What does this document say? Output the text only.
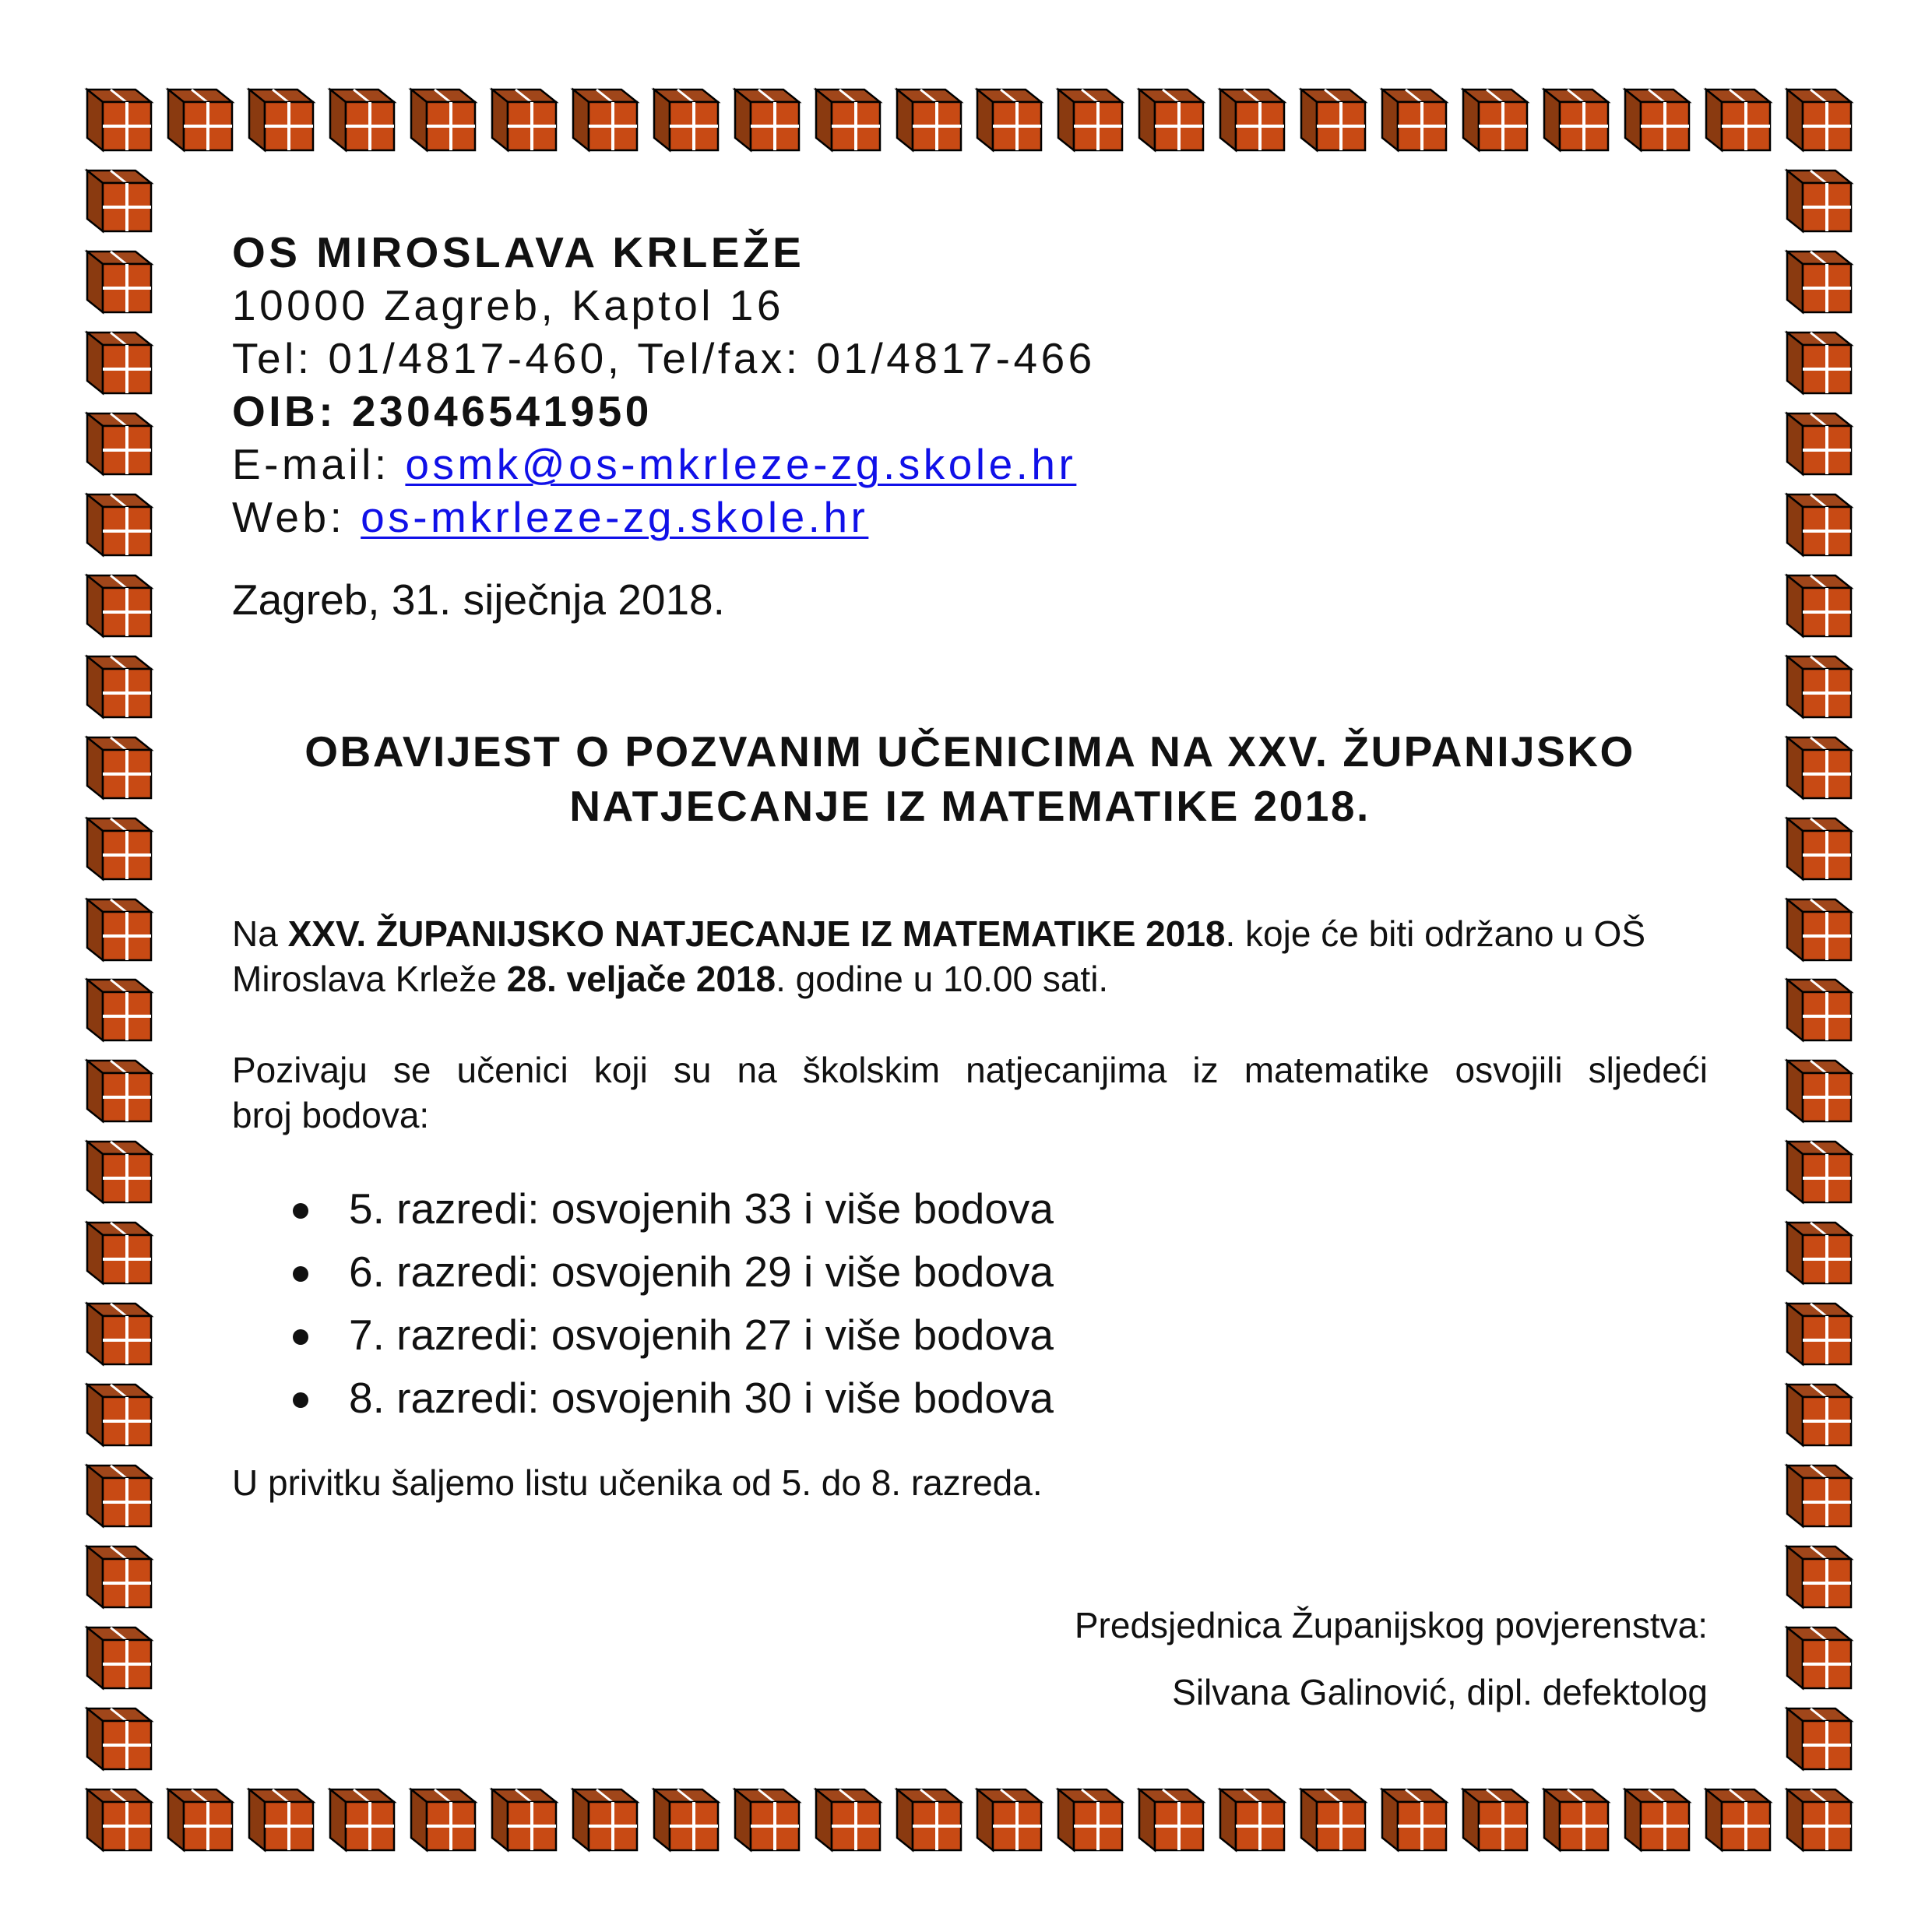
OS MIROSLAVA KRLEŽE

10000 Zagreb, Kaptol 16

Tel: 01/4817-460, Tel/fax: 01/4817-466

OIB: 23046541950

E-mail: osmk@os-mkrleze-zg.skole.hr

Web: os-mkrleze-zg.skole.hr

Zagreb, 31. siječnja 2018.

OBAVIJEST O POZVANIM UČENICIMA NA XXV. ŽUPANIJSKO
NATJECANJE IZ MATEMATIKE 2018.

Na XXV. ŽUPANIJSKO NATJECANJE IZ MATEMATIKE 2018. koje će biti održano u OŠ Miroslava Krleže 28. veljače 2018. godine u 10.00 sati.

Pozivaju se učenici koji su na školskim natjecanjima iz matematike osvojili sljedeći
broj bodova:

5. razredi: osvojenih 33 i više bodova
6. razredi: osvojenih 29 i više bodova
7. razredi: osvojenih 27 i više bodova
8. razredi: osvojenih 30 i više bodova

U privitku šaljemo listu učenika od 5. do 8. razreda.

Predsjednica Županijskog povjerenstva:

Silvana Galinović, dipl. defektolog
